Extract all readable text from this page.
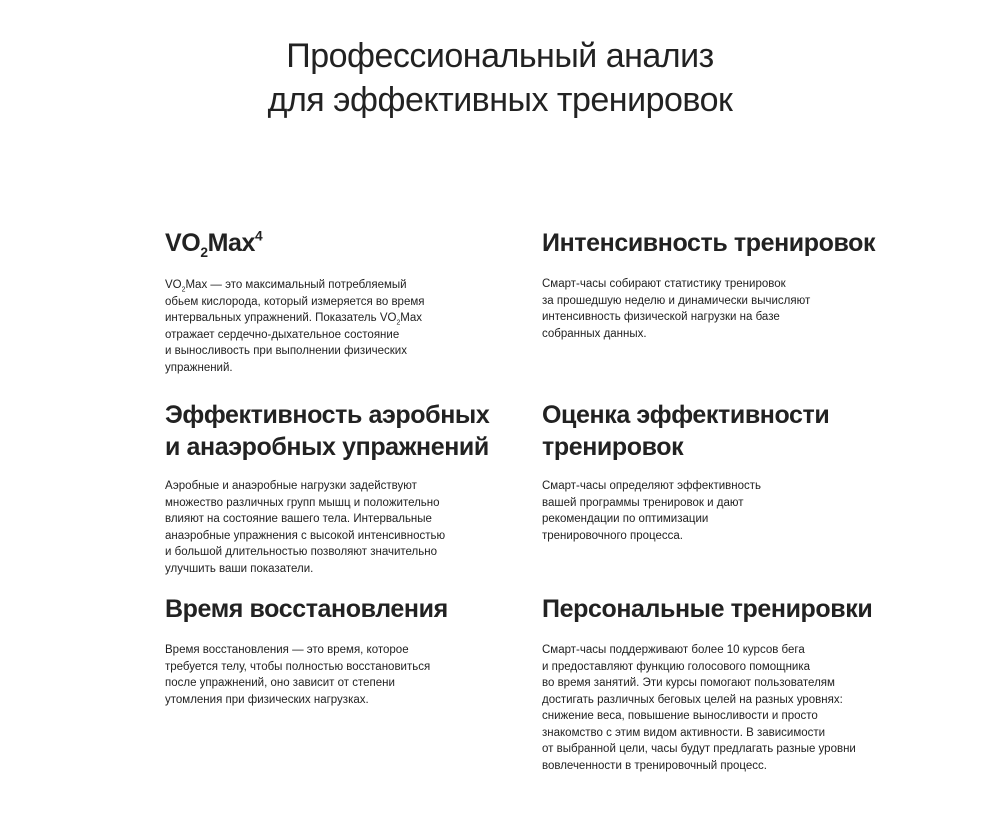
Профессиональный анализ
для эффективных тренировок
$VO_2Max^4$

$VO_2Max$ — это максимальный потребляемый
обьем кислорода, который измеряется во время
интервальных упражнений. Показатель $VO_2Max$
отражает сердечно-дыхательное состояние
и выносливость при выполнении физических
упражнений.

Интенсивность тренировок

Смарт-часы собирают статистику тренировок
за прошедшую неделю и динамически вычисляют
интенсивность физической нагрузки на базе
собранных данных.

Эффективность аэробных
и анаэробных упражнений

Аэробные и анаэробные нагрузки задействуют
множество различных групп мышц и положительно
влияют на состояние вашего тела. Интервальные
анаэробные упражнения с высокой интенсивностью
и большой длительностью позволяют значительно
улучшить ваши показатели.

Оценка эффективности
тренировок

Смарт-часы определяют эффективность
вашей программы тренировок и дают
рекомендации по оптимизации
тренировочного процесса.

Время восстановления

Время восстановления — это время, которое
требуется телу, чтобы полностью восстановиться
после упражнений, оно зависит от степени
утомления при физических нагрузках.

Персональные тренировки

Смарт-часы поддерживают более 10 курсов бега
и предоставляют функцию голосового помощника
во время занятий. Эти курсы помогают пользователям
достигать различных беговых целей на разных уровнях:
снижение веса, повышение выносливости и просто
знакомство с этим видом активности. В зависимости
от выбранной цели, часы будут предлагать разные уровни
вовлеченности в тренировочный процесс.
